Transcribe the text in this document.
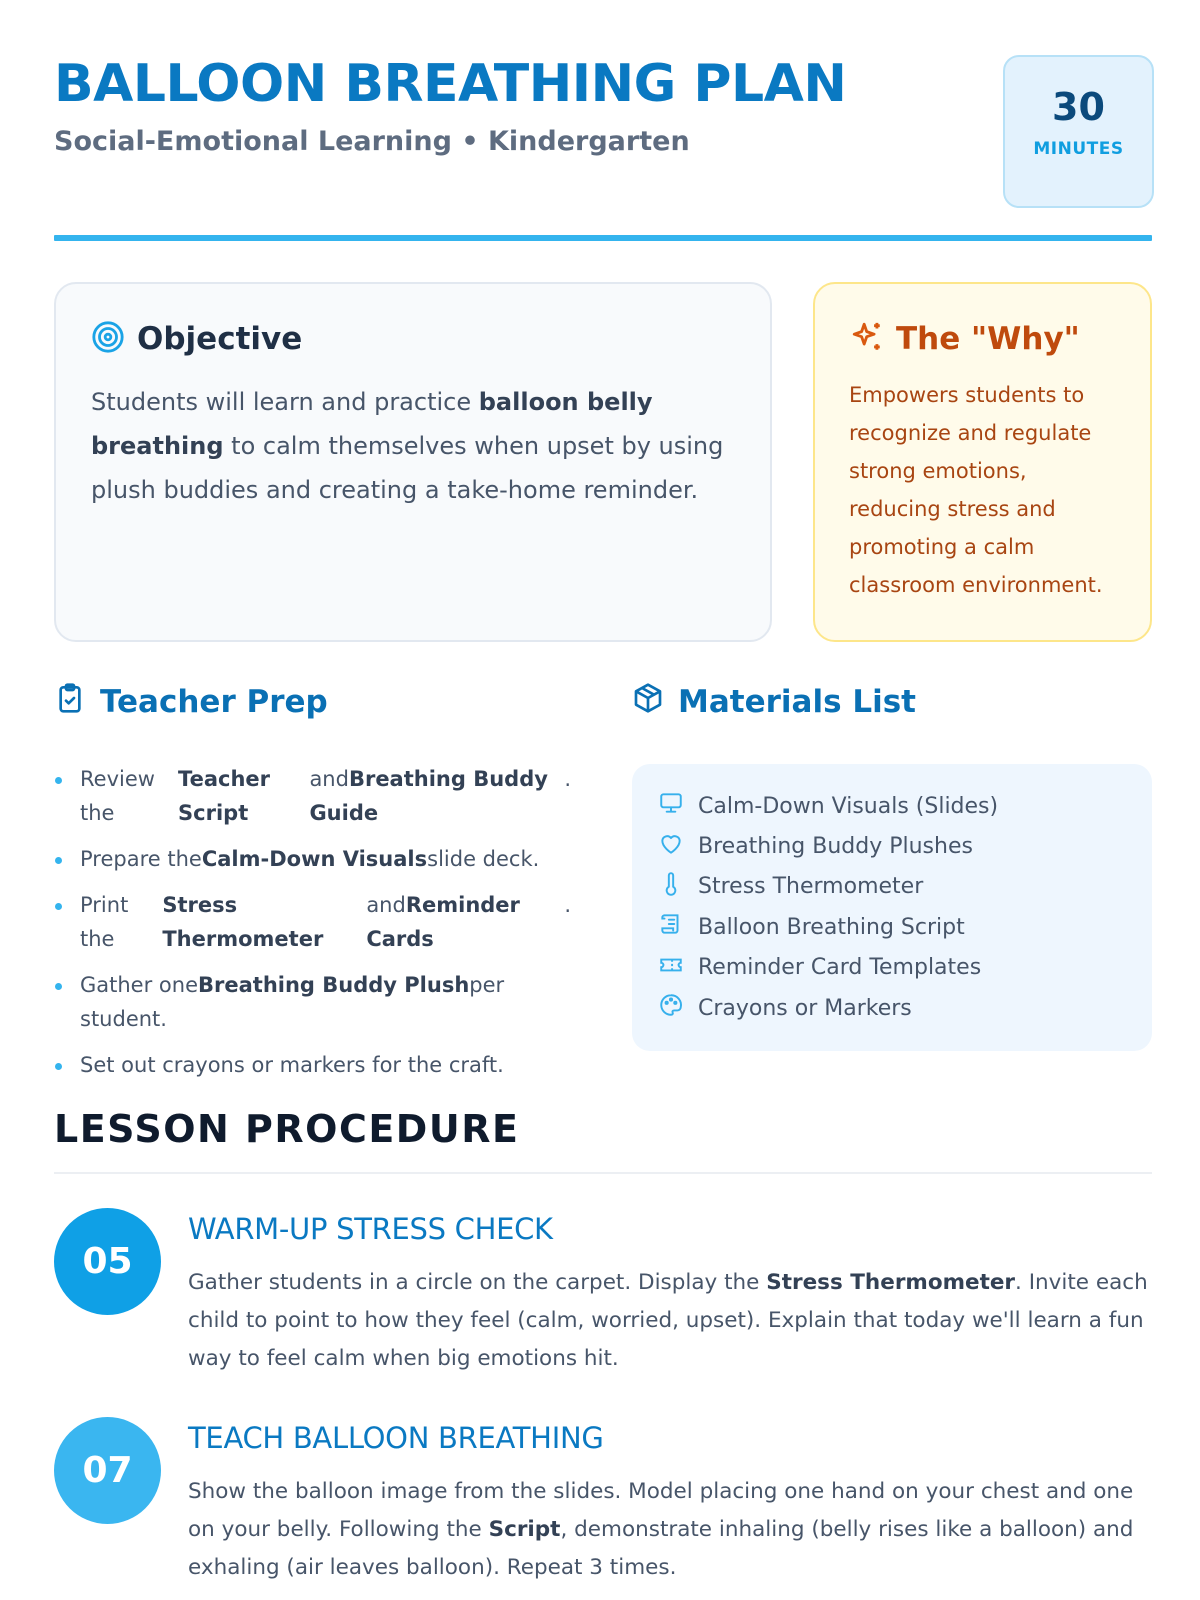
BALLOON BREATHING PLAN
Social-Emotional Learning • Kindergarten
30
MINUTES
Objective

Students will learn and practice balloon belly breathing to calm themselves when upset by using plush buddies and creating a take-home reminder.

The "Why"

Empowers students to recognize and regulate strong emotions, reducing stress and promoting a calm classroom environment.

Teacher Prep
Review the
Teacher Script
andBreathing Buddy Guide
.
Prepare theCalm-Down Visualsslide deck.
Print the
Stress Thermometer
andReminder Cards
.
Gather oneBreathing Buddy Plushper student.
Set out crayons or markers for the craft.
Materials List
Calm-Down Visuals (Slides)
Breathing Buddy Plushes
Stress Thermometer
Balloon Breathing Script
Reminder Card Templates
Crayons or Markers
LESSON PROCEDURE
05
WARM-UP STRESS CHECK

Gather students in a circle on the carpet. Display the Stress Thermometer. Invite each child to point to how they feel (calm, worried, upset). Explain that today we'll learn a fun way to feel calm when big emotions hit.

07
TEACH BALLOON BREATHING

Show the balloon image from the slides. Model placing one hand on your chest and one on your belly. Following the Script, demonstrate inhaling (belly rises like a balloon) and exhaling (air leaves balloon). Repeat 3 times.
